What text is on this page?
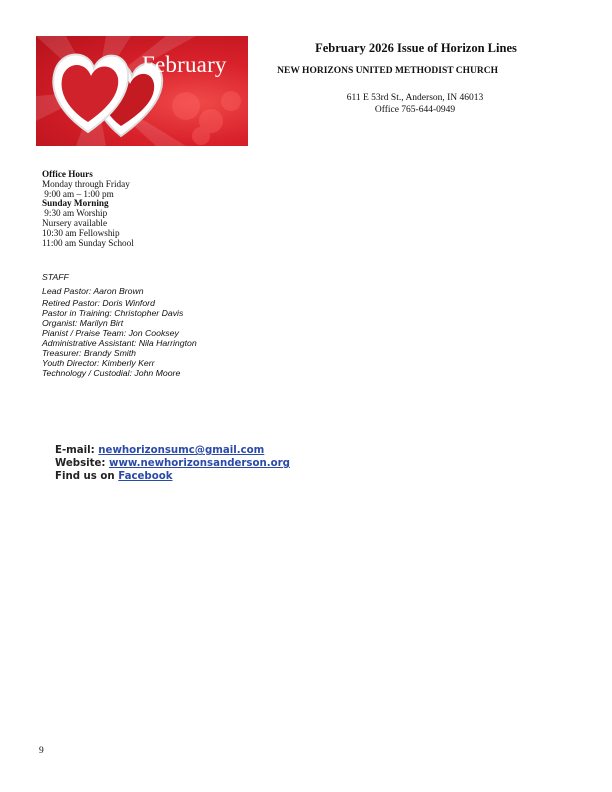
February
February 2026 Issue of Horizon Lines
NEW HORIZONS UNITED METHODIST CHURCH
611 E 53rd St., Anderson, IN 46013
Office 765-644-0949
Office Hours
Monday through Friday
9:00 am – 1:00 pm
Sunday Morning
9:30 am Worship
Nursery available
10:30 am Fellowship
11:00 am Sunday School
STAFF
Lead Pastor: Aaron Brown
Retired Pastor: Doris Winford
Pastor in Training: Christopher Davis
Organist: Marilyn Birt
Pianist / Praise Team: Jon Cooksey
Administrative Assistant: Nila Harrington
Treasurer: Brandy Smith
Youth Director: Kimberly Kerr
Technology / Custodial: John Moore
E-mail: newhorizonsumc@gmail.com
Website: www.newhorizonsanderson.org
Find us on Facebook
9
